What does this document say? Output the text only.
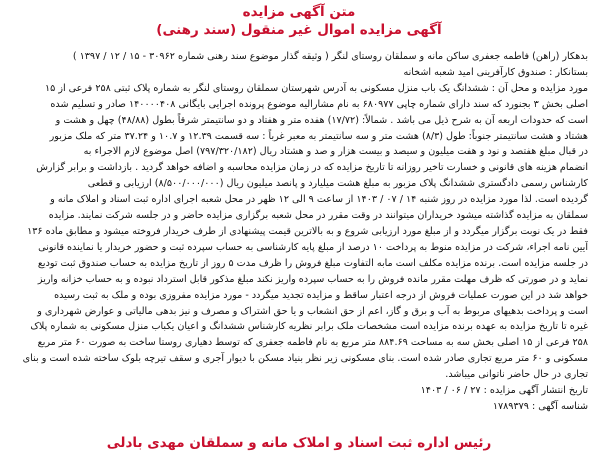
متن آگهی مزایده
آگهی مزایده اموال غیر منقول (سند رهنی)
بدهکار (راهن) فاطمه جعفری ساکن مانه و سملقان روستای لنگر ( وثیقه گذار موضوع سند رهنی شماره ۳۰۹۶۲ - ۱۵ / ۱۲ / ۱۳۹۷ )
بستانکار : صندوق کارآفرینی امید شعبه اشخانه
مورد مزایده و محل آن : ششدانگ یک باب منزل مسکونی به آدرس شهرستان سملقان روستای لنگر به شماره پلاک ثبتی ۲۵۸ فرعی از ۱۵
اصلی بخش ۳ بجنورد که سند دارای شماره چاپی ۶۸۰۹۷۷ به نام مشارالیه موضوع پرونده اجرایی بایگانی ۱۴۰۰۰۰۴۰۸ صادر و تسلیم شده
است که حدودات اربعه آن به شرح ذیل می باشد . شمالاً: (۱۷/۷۲) هفده متر و هفتاد و دو سانتیمتر شرقاً بطول (۴۸/۸۸) چهل و هشت و
هشتاد و هشت سانتیمتر جنوباً: طول (۸/۳) هشت متر و سه سانتیمتر به معبر غرباً : سه قسمت ۱۲.۳۹ و ۱۰.۷ و ۳۷.۲۴ متر که ملک مزبور
در قبال مبلغ هفتصد و نود و هفت میلیون و سیصد و بیست هزار و صد و هشتاد ریال (۷۹۷/۳۲۰/۱۸۲) اصل موضوع لازم الاجراء به
انضمام هزینه های قانونی و خسارت تاخیر روزانه تا تاریخ مزایده که در زمان مزایده محاسبه و اضافه خواهد گردید . بازداشت و برابر گزارش
کارشناس رسمی دادگستری ششدانگ پلاک مزبور به مبلغ هشت میلیارد و پانصد میلیون ریال (۸/۵۰۰/۰۰۰/۰۰۰) ارزیابی و قطعی
گردیده است. لذا مورد مزایده در روز شنبه ۱۴ / ۰۷ / ۱۴۰۳ از ساعت ۹ الی ۱۲ ظهر در محل شعبه اجرای اداره ثبت اسناد و املاک مانه و
سملقان به مزایده گذاشته میشود خریداران میتوانند در وقت مقرر در محل شعبه برگزاری مزایده حاضر و در جلسه شرکت نمایند. مزایده
فقط در یک نوبت برگزار میگردد و از مبلغ مورد ارزیابی شروع و به بالاترین قیمت پیشنهادی از طرف خریدار فروخته میشود و مطابق ماده ۱۳۶
آیین نامه اجراء، شرکت در مزایده منوط به پرداخت ۱۰ درصد از مبلغ پایه کارشناسی به حساب سپرده ثبت و حضور خریدار یا نماینده قانونی
در جلسه مزایده است. برنده مزایده مکلف است مابه التفاوت مبلغ فروش را ظرف مدت ۵ روز از تاریخ مزایده به حساب صندوق ثبت تودیع
نماید و در صورتی که ظرف مهلت مقرر مانده فروش را به حساب سپرده واریز نکند مبلغ مذکور قابل استرداد نبوده و به حساب خزانه واریز
خواهد شد در این صورت عملیات فروش از درجه اعتبار ساقط و مزایده تجدید میگردد - مورد مزایده مفروزی بوده و ملک به ثبت رسیده
است و پرداخت بدهیهای مربوط به آب و برق و گاز، اعم از حق انشعاب و یا حق اشتراک و مصرف و نیز بدهی مالیاتی و عوارض شهرداری و
غیره تا تاریخ مزایده به عهده برنده مزایده است مشخصات ملک برابر نظریه کارشناس ششدانگ و اعیان یکباب منزل مسکونی به شماره پلاک
۲۵۸ فرعی از ۱۵ اصلی بخش سه به مساحت ۸۸۴.۶۹ متر مربع به نام فاطمه جعفری که توسط دهیاری روستا ساخت به صورت ۶۰ متر مربع
مسکونی و ۶۰ متر مربع تجاری صادر شده است. بنای مسکونی زیر نظر بنیاد مسکن با دیوار آجری و سقف تیرچه بلوک ساخته شده است و بنای
تجاری در حال حاضر ناتوانی میباشد.
تاریخ انتشار آگهی مزایده : ۲۷ / ۰۶ / ۱۴۰۳
شناسه آگهی : ۱۷۸۹۳۷۹
رئیس اداره ثبت اسناد و املاک مانه و سملقان مهدی بادلی
